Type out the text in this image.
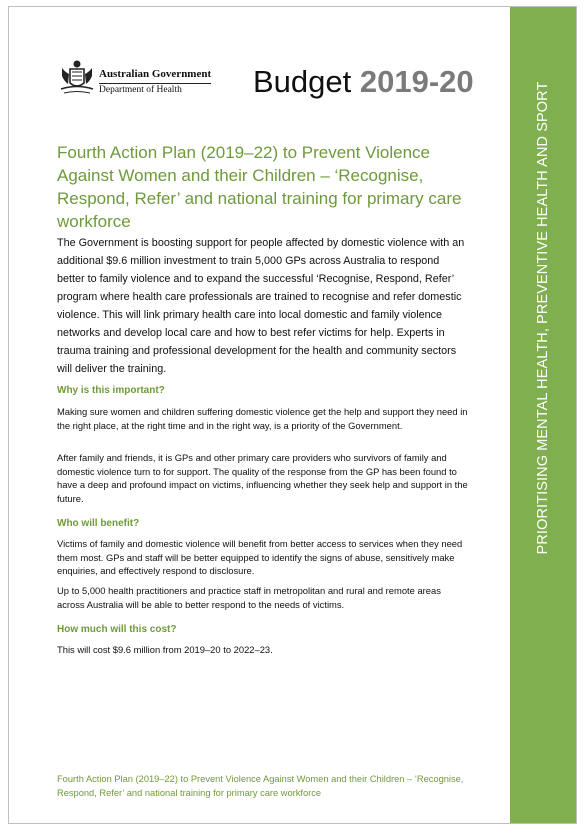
PRIORITISING MENTAL HEALTH, PREVENTIVE HEALTH AND SPORT
Australian Government
Department of Health	Budget 2019-20
Fourth Action Plan (2019–22) to Prevent Violence Against Women and their Children – ‘Recognise, Respond, Refer’ and national training for primary care workforce

The Government is boosting support for people affected by domestic violence with an additional $9.6 million investment to train 5,000 GPs across Australia to respond better to family violence and to expand the successful ‘Recognise, Respond, Refer’ program where health care professionals are trained to recognise and refer domestic violence. This will link primary health care into local domestic and family violence networks and develop local care and how to best refer victims for help. Experts in trauma training and professional development for the health and community sectors will deliver the training.

Why is this important?

Making sure women and children suffering domestic violence get the help and support they need in the right place, at the right time and in the right way, is a priority of the Government.

After family and friends, it is GPs and other primary care providers who survivors of family and domestic violence turn to for support. The quality of the response from the GP has been found to have a deep and profound impact on victims, influencing whether they seek help and support in the future.

Who will benefit?

Victims of family and domestic violence will benefit from better access to services when they need them most. GPs and staff will be better equipped to identify the signs of abuse, sensitively make enquiries, and effectively respond to disclosure.

Up to 5,000 health practitioners and practice staff in metropolitan and rural and remote areas across Australia will be able to better respond to the needs of victims.

How much will this cost?

This will cost $9.6 million from 2019–20 to 2022–23.

Fourth Action Plan (2019–22) to Prevent Violence Against Women and their Children – ‘Recognise, Respond, Refer’ and national training for primary care workforce
